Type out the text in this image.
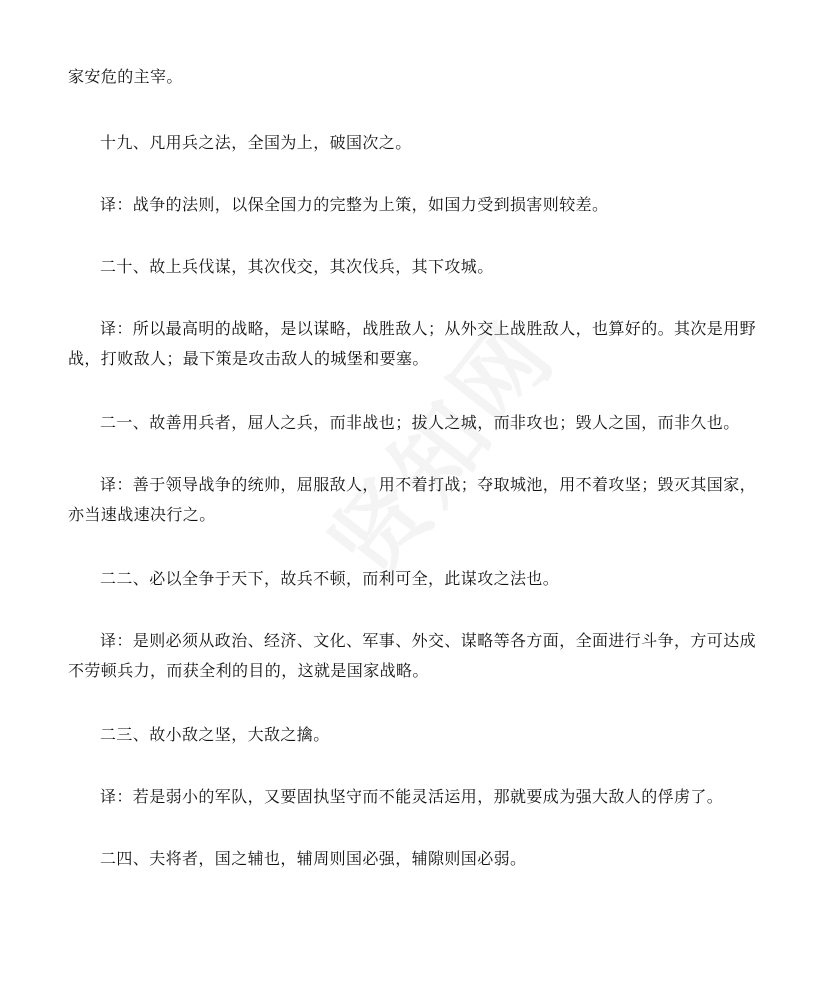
家安危的主宰。

十九、凡用兵之法，全国为上，破国次之。

译：战争的法则，以保全国力的完整为上策，如国力受到损害则较差。

二十、故上兵伐谋，其次伐交，其次伐兵，其下攻城。

译：所以最高明的战略，是以谋略，战胜敌人；从外交上战胜敌人，也算好的。其次是用野战，打败敌人；最下策是攻击敌人的城堡和要塞。

二一、故善用兵者，屈人之兵，而非战也；拔人之城，而非攻也；毁人之国，而非久也。

译：善于领导战争的统帅，屈服敌人，用不着打战；夺取城池，用不着攻坚；毁灭其国家，亦当速战速决行之。

二二、必以全争于天下，故兵不顿，而利可全，此谋攻之法也。

译：是则必须从政治、经济、文化、军事、外交、谋略等各方面，全面进行斗争，方可达成不劳顿兵力，而获全利的目的，这就是国家战略。

二三、故小敌之坚，大敌之擒。

译：若是弱小的军队，又要固执坚守而不能灵活运用，那就要成为强大敌人的俘虏了。

二四、夫将者，国之辅也，辅周则国必强，辅隙则国必弱。
